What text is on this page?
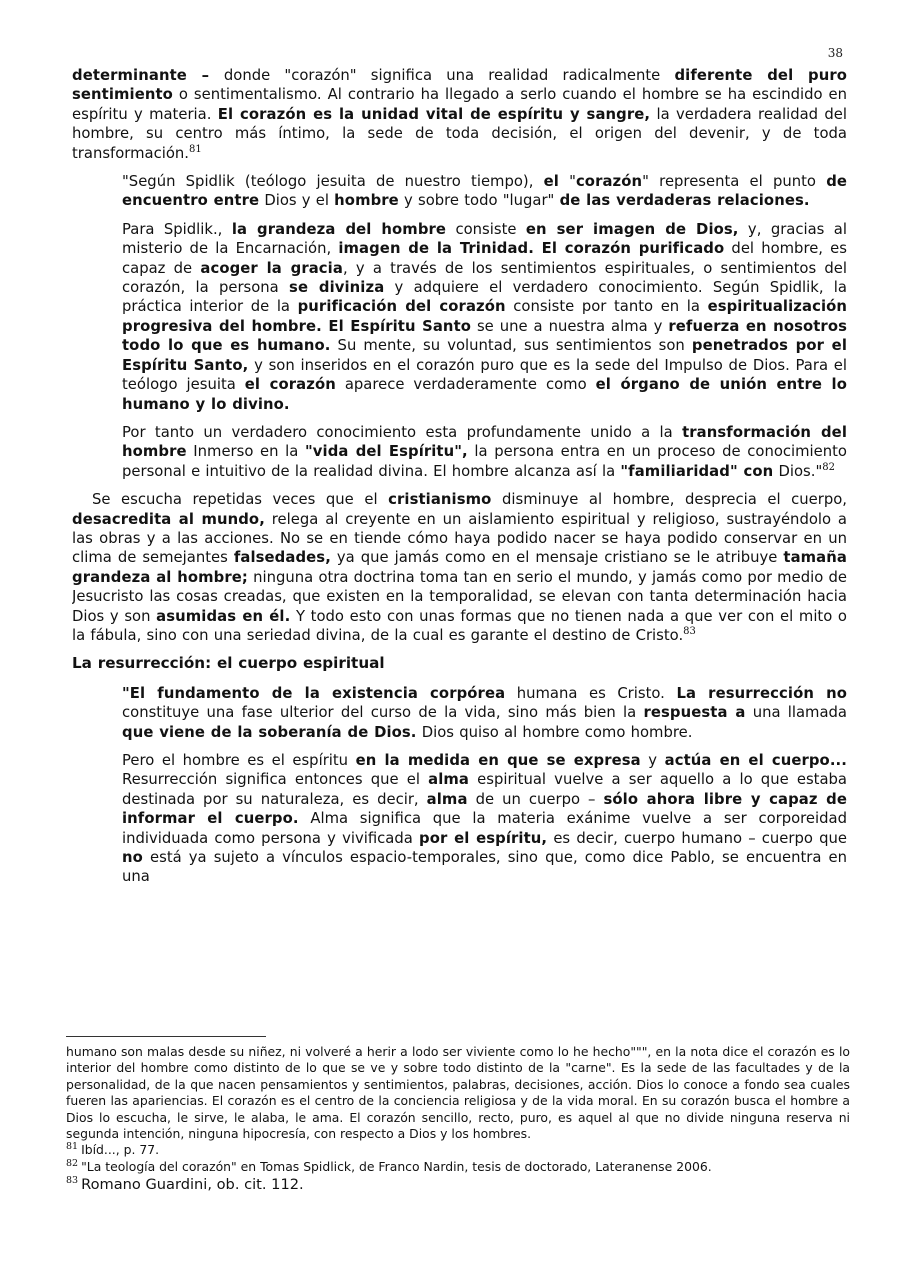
38
determinante – donde "corazón" significa una realidad radicalmente diferente del puro sentimiento o sentimentalismo. Al contrario ha llegado a serlo cuando el hombre se ha escindido en espíritu y materia. El corazón es la unidad vital de espíritu y sangre, la verdadera realidad del hombre, su centro más íntimo, la sede de toda decisión, el origen del devenir, y de toda transformación.$^{81}$
"Según Spidlik (teólogo jesuita de nuestro tiempo), el "corazón" representa el punto de encuentro entre Dios y el hombre y sobre todo "lugar" de las verdaderas relaciones.
Para Spidlik., la grandeza del hombre consiste en ser imagen de Dios, y, gracias al misterio de la Encarnación, imagen de la Trinidad. El corazón purificado del hombre, es capaz de acoger la gracia, y a través de los sentimientos espirituales, o sentimientos del corazón, la persona se diviniza y adquiere el verdadero conocimiento. Según Spidlik, la práctica interior de la purificación del corazón consiste por tanto en la espiritualización progresiva del hombre. El Espíritu Santo se une a nuestra alma y refuerza en nosotros todo lo que es humano. Su mente, su voluntad, sus sentimientos son penetrados por el Espíritu Santo, y son inseridos en el corazón puro que es la sede del Impulso de Dios. Para el teólogo jesuita el corazón aparece verdaderamente como el órgano de unión entre lo humano y lo divino.
Por tanto un verdadero conocimiento esta profundamente unido a la transformación del hombre Inmerso en la "vida del Espíritu", la persona entra en un proceso de conocimiento personal e intuitivo de la realidad divina. El hombre alcanza así la "familiaridad" con Dios."$^{82}$
Se escucha repetidas veces que el cristianismo disminuye al hombre, desprecia el cuerpo, desacredita al mundo, relega al creyente en un aislamiento espiritual y religioso, sustrayéndolo a las obras y a las acciones. No se en tiende cómo haya podido nacer se haya podido conservar en un clima de semejantes falsedades, ya que jamás como en el mensaje cristiano se le atribuye tamaña grandeza al hombre; ninguna otra doctrina toma tan en serio el mundo, y jamás como por medio de Jesucristo las cosas creadas, que existen en la temporalidad, se elevan con tanta determinación hacia Dios y son asumidas en él. Y todo esto con unas formas que no tienen nada a que ver con el mito o la fábula, sino con una seriedad divina, de la cual es garante el destino de Cristo.$^{83}$
La resurrección: el cuerpo espiritual
"El fundamento de la existencia corpórea humana es Cristo. La resurrección no constituye una fase ulterior del curso de la vida, sino más bien la respuesta a una llamada que viene de la soberanía de Dios. Dios quiso al hombre como hombre.
Pero el hombre es el espíritu en la medida en que se expresa y actúa en el cuerpo... Resurrección significa entonces que el alma espiritual vuelve a ser aquello a lo que estaba destinada por su naturaleza, es decir, alma de un cuerpo – sólo ahora libre y capaz de informar el cuerpo. Alma significa que la materia exánime vuelve a ser corporeidad individuada como persona y vivificada por el espíritu, es decir, cuerpo humano – cuerpo que no está ya sujeto a vínculos espacio-temporales, sino que, como dice Pablo, se encuentra en una
humano son malas desde su niñez, ni volveré a herir a lodo ser viviente como lo he hecho""", en la nota dice el corazón es lo interior del hombre como distinto de lo que se ve y sobre todo distinto de la "carne". Es la sede de las facultades y de la personalidad, de la que nacen pensamientos y sentimientos, palabras, decisiones, acción. Dios lo conoce a fondo sea cuales fueren las apariencias. El corazón es el centro de la conciencia religiosa y de la vida moral. En su corazón busca el hombre a Dios lo escucha, le sirve, le alaba, le ama. El corazón sencillo, recto, puro, es aquel al que no divide ninguna reserva ni segunda intención, ninguna hipocresía, con respecto a Dios y los hombres.
$^{81}$ Ibíd..., p. 77.
$^{82}$ "La teología del corazón" en Tomas Spidlick, de Franco Nardin, tesis de doctorado, Lateranense 2006.
$^{83}$ Romano Guardini, ob. cit. 112.
